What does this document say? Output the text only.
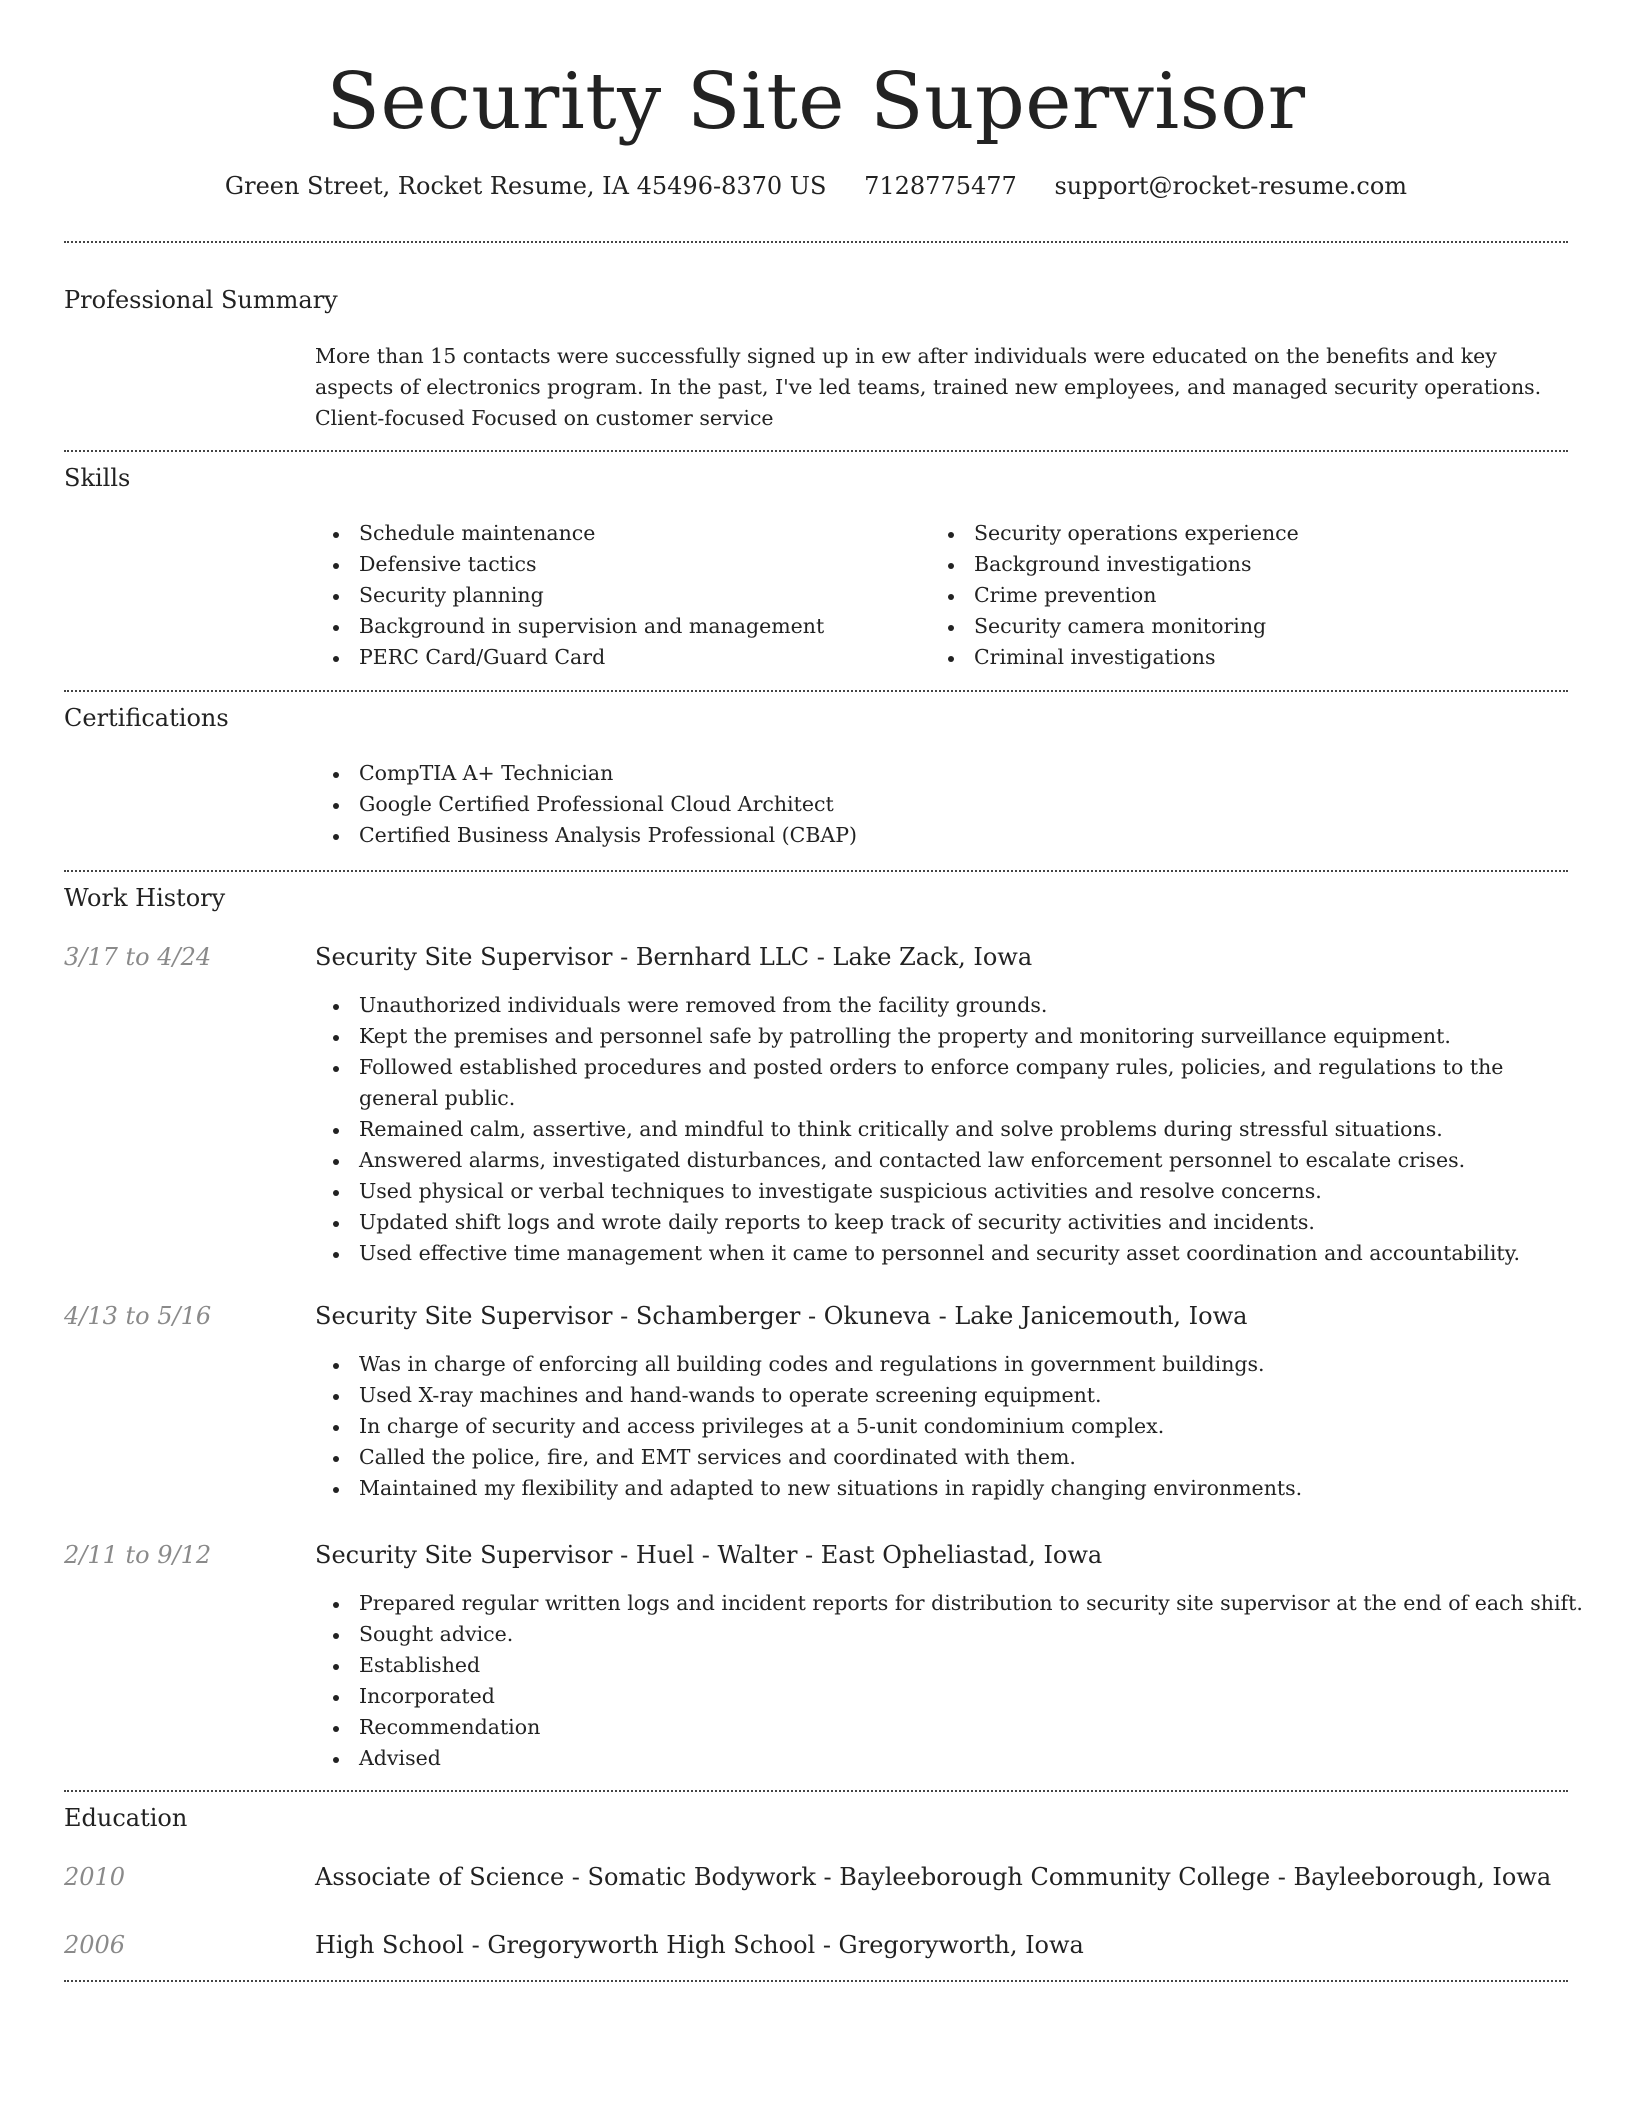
Security Site Supervisor
Green Street, Rocket Resume, IA 45496-8370 US 7128775477 support@rocket-resume.com
Professional Summary

More than 15 contacts were successfully signed up in ew after individuals were educated on the benefits and key aspects of electronics program. In the past, I've led teams, trained new employees, and managed security operations. Client-focused Focused on customer service

Skills
Schedule maintenance
Defensive tactics
Security planning
Background in supervision and management
PERC Card/Guard Card
Security operations experience
Background investigations
Crime prevention
Security camera monitoring
Criminal investigations
Certifications
CompTIA A+ Technician
Google Certified Professional Cloud Architect
Certified Business Analysis Professional (CBAP)
Work History
3/17 to 4/24	Security Site Supervisor - Bernhard LLC - Lake Zack, Iowa
Unauthorized individuals were removed from the facility grounds.
Kept the premises and personnel safe by patrolling the property and monitoring surveillance equipment.
Followed established procedures and posted orders to enforce company rules, policies, and regulations to the general public.
Remained calm, assertive, and mindful to think critically and solve problems during stressful situations.
Answered alarms, investigated disturbances, and contacted law enforcement personnel to escalate crises.
Used physical or verbal techniques to investigate suspicious activities and resolve concerns.
Updated shift logs and wrote daily reports to keep track of security activities and incidents.
Used effective time management when it came to personnel and security asset coordination and accountability.
4/13 to 5/16	Security Site Supervisor - Schamberger - Okuneva - Lake Janicemouth, Iowa
Was in charge of enforcing all building codes and regulations in government buildings.
Used X-ray machines and hand-wands to operate screening equipment.
In charge of security and access privileges at a 5-unit condominium complex.
Called the police, fire, and EMT services and coordinated with them.
Maintained my flexibility and adapted to new situations in rapidly changing environments.
2/11 to 9/12	Security Site Supervisor - Huel - Walter - East Opheliastad, Iowa
Prepared regular written logs and incident reports for distribution to security site supervisor at the end of each shift.
Sought advice.
Established
Incorporated
Recommendation
Advised
Education
2010	Associate of Science - Somatic Bodywork - Bayleeborough Community College - Bayleeborough, Iowa
2006	High School - Gregoryworth High School - Gregoryworth, Iowa
